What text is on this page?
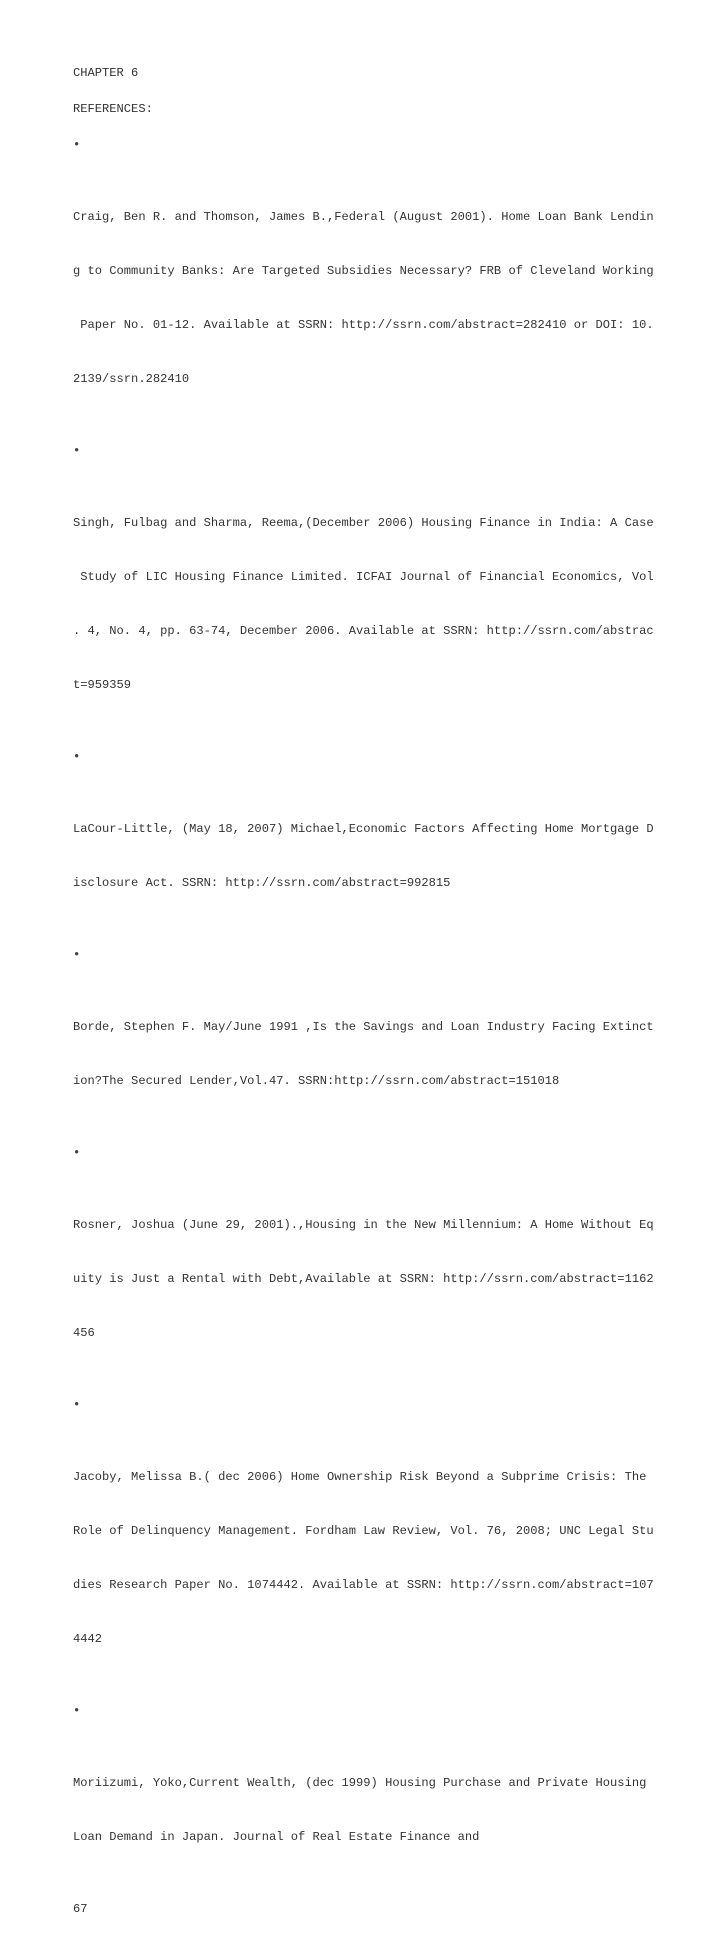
CHAPTER 6
REFERENCES:
•

Craig, Ben R. and Thomson, James B.,Federal (August 2001). Home Loan Bank Lendin

g to Community Banks: Are Targeted Subsidies Necessary? FRB of Cleveland Working

Paper No. 01-12. Available at SSRN: http://ssrn.com/abstract=282410 or DOI: 10.

2139/ssrn.282410

•

Singh, Fulbag and Sharma, Reema,(December 2006) Housing Finance in India: A Case

Study of LIC Housing Finance Limited. ICFAI Journal of Financial Economics, Vol

. 4, No. 4, pp. 63-74, December 2006. Available at SSRN: http://ssrn.com/abstrac

t=959359

•

LaCour-Little, (May 18, 2007) Michael,Economic Factors Affecting Home Mortgage D

isclosure Act. SSRN: http://ssrn.com/abstract=992815

•

Borde, Stephen F. May/June 1991 ,Is the Savings and Loan Industry Facing Extinct

ion?The Secured Lender,Vol.47. SSRN:http://ssrn.com/abstract=151018

•

Rosner, Joshua (June 29, 2001).,Housing in the New Millennium: A Home Without Eq

uity is Just a Rental with Debt,Available at SSRN: http://ssrn.com/abstract=1162

456

•

Jacoby, Melissa B.( dec 2006) Home Ownership Risk Beyond a Subprime Crisis: The

Role of Delinquency Management. Fordham Law Review, Vol. 76, 2008; UNC Legal Stu

dies Research Paper No. 1074442. Available at SSRN: http://ssrn.com/abstract=107

4442

•

Moriizumi, Yoko,Current Wealth, (dec 1999) Housing Purchase and Private Housing

Loan Demand in Japan. Journal of Real Estate Finance and

67
